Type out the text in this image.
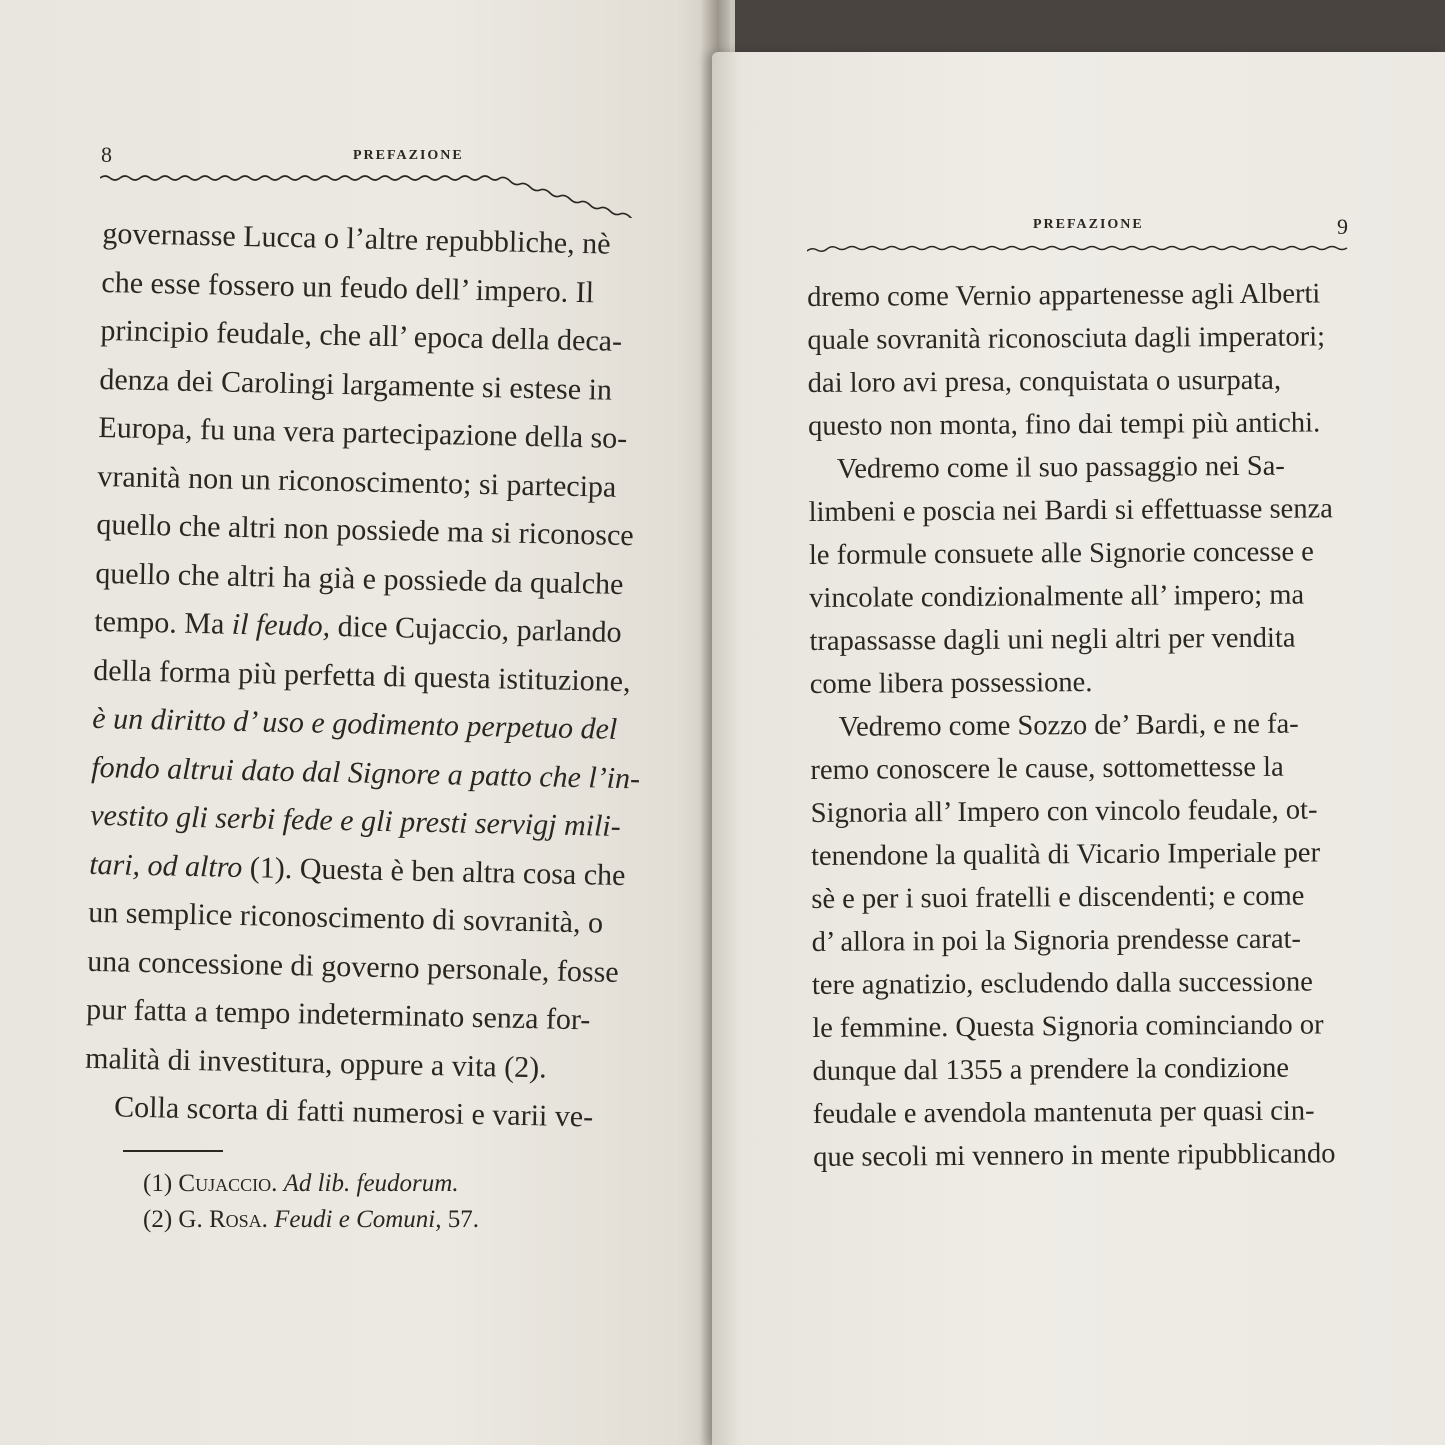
8	PREFAZIONE
governasse Lucca o l’altre repubbliche, nè
che esse fossero un feudo dell’ impero. Il
principio feudale, che all’ epoca della deca-
denza dei Carolingi largamente si estese in
Europa, fu una vera partecipazione della so-
vranità non un riconoscimento; si partecipa
quello che altri non possiede ma si riconosce
quello che altri ha già e possiede da qualche
tempo. Ma il feudo, dice Cujaccio, parlando
della forma più perfetta di questa istituzione,
è un diritto d’ uso e godimento perpetuo del
fondo altrui dato dal Signore a patto che l’in-
vestito gli serbi fede e gli presti servigj mili-
tari, od altro (1). Questa è ben altra cosa che
un semplice riconoscimento di sovranità, o
una concessione di governo personale, fosse
pur fatta a tempo indeterminato senza for-
malità di investitura, oppure a vita (2).
 Colla scorta di fatti numerosi e varii ve-
(1) Cujaccio. Ad lib. feudorum.
(2) G. Rosa. Feudi e Comuni, 57.
PREFAZIONE	9
dremo come Vernio appartenesse agli Alberti
quale sovranità riconosciuta dagli imperatori;
dai loro avi presa, conquistata o usurpata,
questo non monta, fino dai tempi più antichi.
 Vedremo come il suo passaggio nei Sa-
limbeni e poscia nei Bardi si effettuasse senza
le formule consuete alle Signorie concesse e
vincolate condizionalmente all’ impero; ma
trapassasse dagli uni negli altri per vendita
come libera possessione.
 Vedremo come Sozzo de’ Bardi, e ne fa-
remo conoscere le cause, sottomettesse la
Signoria all’ Impero con vincolo feudale, ot-
tenendone la qualità di Vicario Imperiale per
sè e per i suoi fratelli e discendenti; e come
d’ allora in poi la Signoria prendesse carat-
tere agnatizio, escludendo dalla successione
le femmine. Questa Signoria cominciando or
dunque dal 1355 a prendere la condizione
feudale e avendola mantenuta per quasi cin-
que secoli mi vennero in mente ripubblicando
